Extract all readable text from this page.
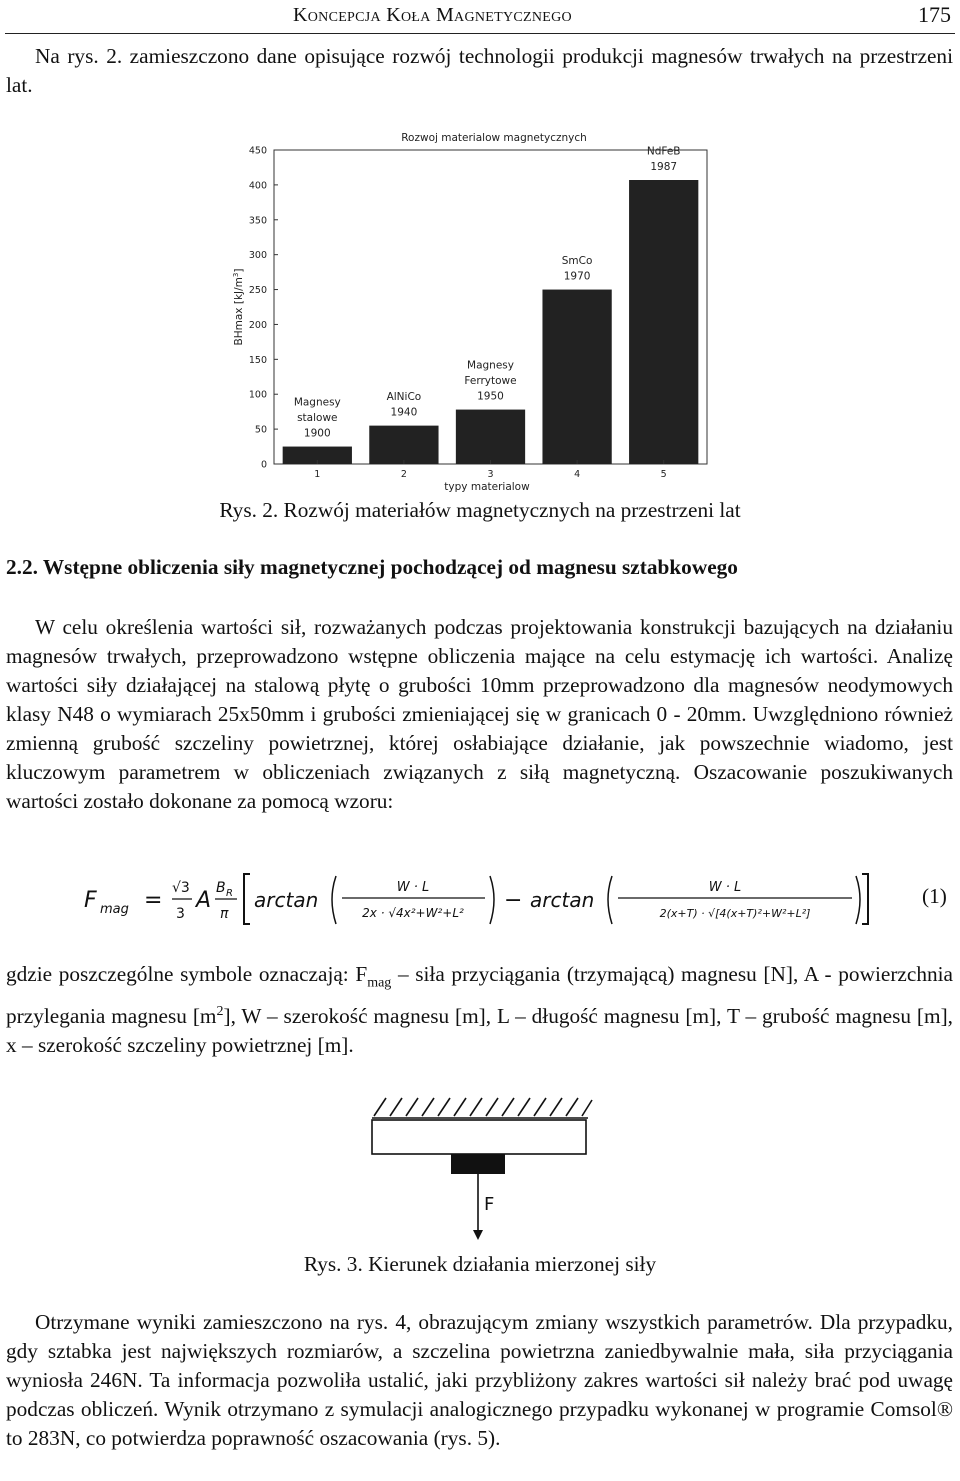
Koncepcja Koła Magnetycznego	175
Na rys. 2. zamieszczono dane opisujące rozwój technologii produkcji magnesów trwałych na przestrzeni lat.
Rozwoj materialow magnetycznych
0
50
100
150
200
250
300
350
400
450
1	2	3	4	5
Magnesy
stalowe
1900
AlNiCo
1940
Magnesy
Ferrytowe
1950
SmCo
1970
NdFeB
1987
typy materialow
BHmax $[kJ/m^3]$
Rys. 2. Rozwój materiałów magnetycznych na przestrzeni lat
2.2. Wstępne obliczenia siły magnetycznej pochodzącej od magnesu sztabkowego
W celu określenia wartości sił, rozważanych podczas projektowania konstrukcji bazujących na działaniu magnesów trwałych, przeprowadzono wstępne obliczenia mające na celu estymację ich wartości. Analizę wartości siły działającej na stalową płytę o grubości 10mm przeprowadzono dla magnesów neodymowych klasy N48 o wymiarach 25x50mm i grubości zmieniającej się w granicach 0 - 20mm. Uwzględniono również zmienną grubość szczeliny powietrznej, której osłabiające działanie, jak powszechnie wiadomo, jest kluczowym parametrem w obliczeniach związanych z siłą magnetyczną. Oszacowanie poszukiwanych wartości zostało dokonane za pomocą wzoru:
F mag = √3
3
A B R
π
arctan
W · L
2x · √4x²+W²+L² − arctan
W · L
2(x+T) · √[4(x+T)²+W²+L²]
(1)
gdzie poszczególne symbole oznaczają: $F_{mag}$ – siła przyciągania (trzymającą) magnesu [N], A - powierzchnia przylegania magnesu $[m^2]$, W – szerokość magnesu [m], L – długość magnesu [m], T – grubość magnesu [m], x – szerokość szczeliny powietrznej [m].
F
Rys. 3. Kierunek działania mierzonej siły
Otrzymane wyniki zamieszczono na rys. 4, obrazującym zmiany wszystkich parametrów. Dla przypadku, gdy sztabka jest największych rozmiarów, a szczelina powietrzna zaniedbywalnie mała, siła przyciągania wyniosła 246N. Ta informacja pozwoliła ustalić, jaki przybliżony zakres wartości sił należy brać pod uwagę podczas obliczeń. Wynik otrzymano z symulacji analogicznego przypadku wykonanej w programie Comsol® to 283N, co potwierdza poprawność oszacowania (rys. 5).
